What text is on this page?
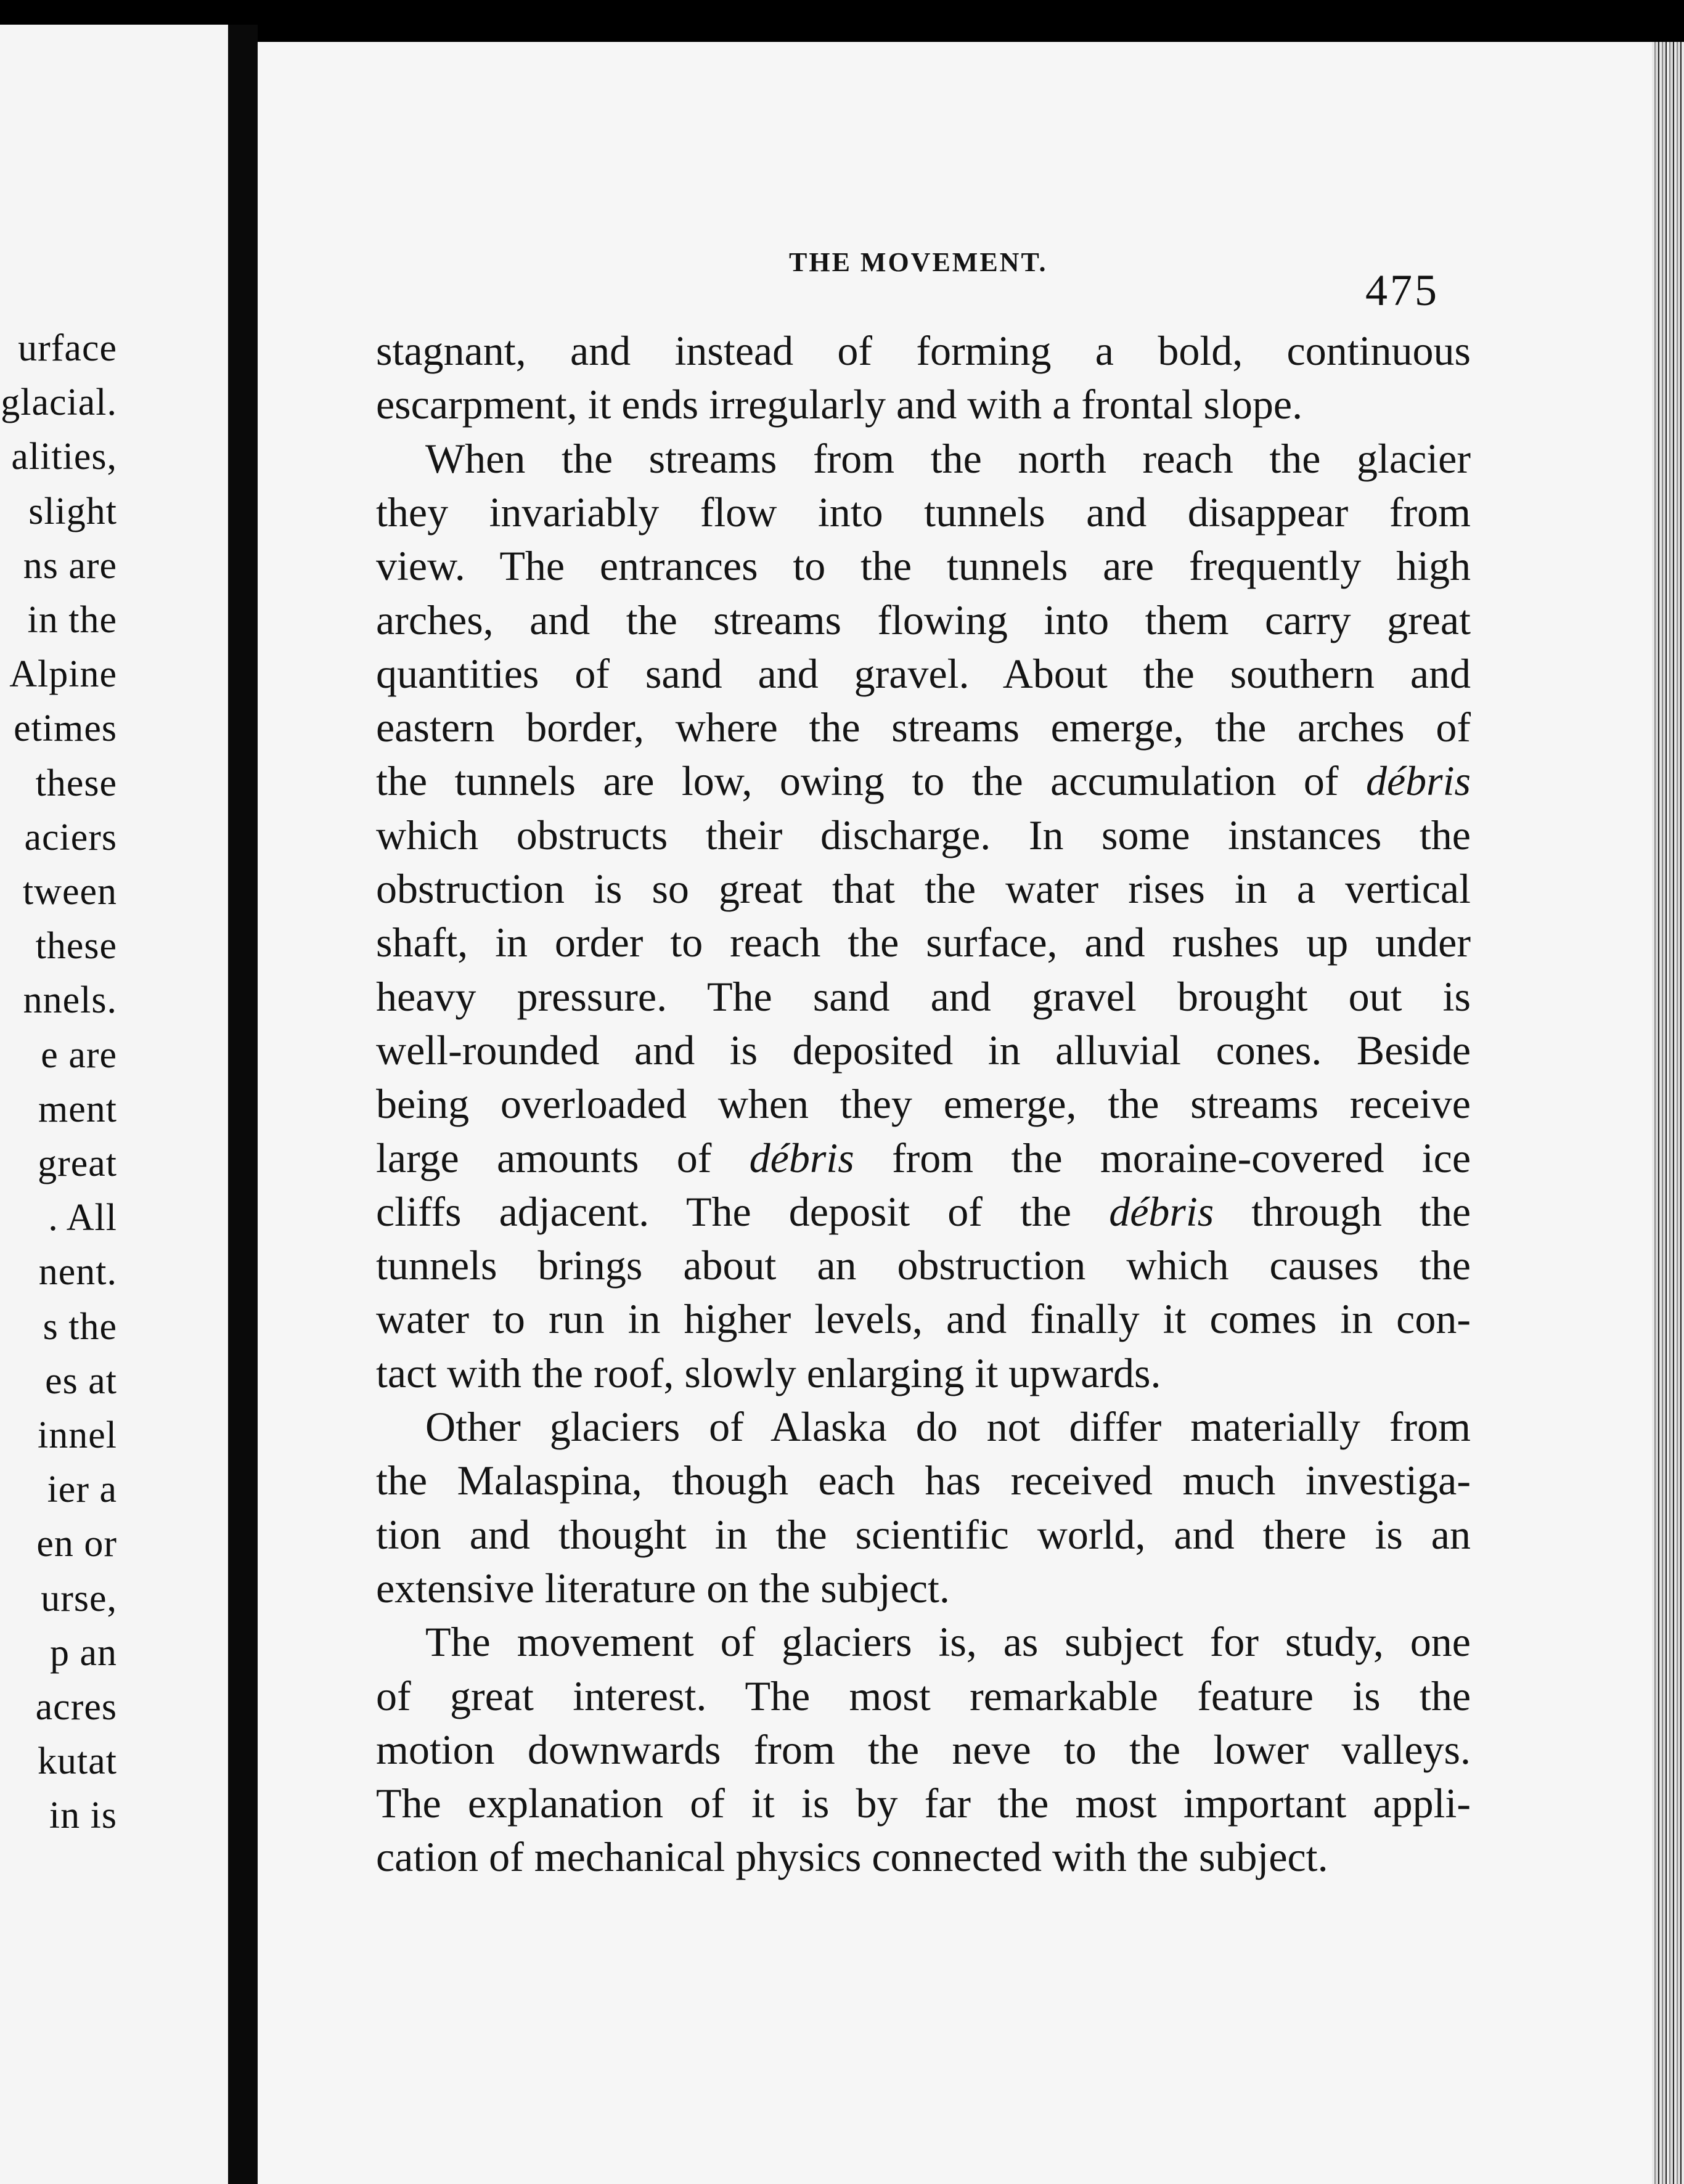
urface
glacial.
alities,
slight
ns are
in the
Alpine
etimes
these
aciers
tween
these
nnels.
e are
ment
great
. All
nent.
s the
es at
innel
ier a
en or
urse,
p an
acres
kutat
in is
THE MOVEMENT.
475
stagnant, and instead of forming a bold, continuous
escarpment, it ends irregularly and with a frontal slope.
When the streams from the north reach the glacier
they invariably flow into tunnels and disappear from
view. The entrances to the tunnels are frequently high
arches, and the streams flowing into them carry great
quantities of sand and gravel. About the southern and
eastern border, where the streams emerge, the arches of
the tunnels are low, owing to the accumulation of débris
which obstructs their discharge. In some instances the
obstruction is so great that the water rises in a vertical
shaft, in order to reach the surface, and rushes up under
heavy pressure. The sand and gravel brought out is
well-rounded and is deposited in alluvial cones. Beside
being overloaded when they emerge, the streams receive
large amounts of débris from the moraine-covered ice
cliffs adjacent. The deposit of the débris through the
tunnels brings about an obstruction which causes the
water to run in higher levels, and finally it comes in con-
tact with the roof, slowly enlarging it upwards.
Other glaciers of Alaska do not differ materially from
the Malaspina, though each has received much investiga-
tion and thought in the scientific world, and there is an
extensive literature on the subject.
The movement of glaciers is, as subject for study, one
of great interest. The most remarkable feature is the
motion downwards from the neve to the lower valleys.
The explanation of it is by far the most important appli-
cation of mechanical physics connected with the subject.
